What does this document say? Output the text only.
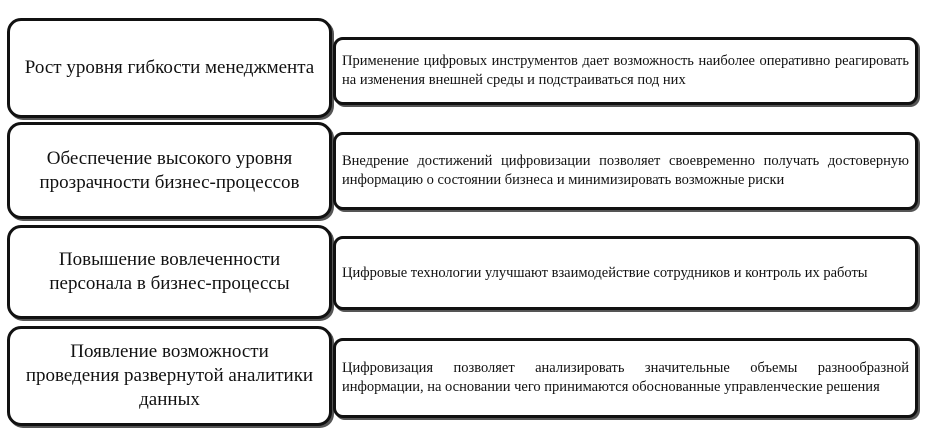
Рост уровня гибкости менеджмента Применение цифровых инструментов дает возможность наиболее оперативно реагировать на изменения внешней среды и подстраиваться под них
Обеспечение высокого уровня прозрачности бизнес-процессов
Внедрение достижений цифровизации позволяет своевременно получать достоверную информацию о состоянии бизнеса и минимизировать возможные риски
Повышение вовлеченности персонала в бизнес-процессы
Цифровые технологии улучшают взаимодействие сотрудников и контроль их работы
Появление возможности проведения развернутой аналитики данных
Цифровизация позволяет анализировать значительные объемы разнообразной информации, на основании чего принимаются обоснованные управленческие решения
